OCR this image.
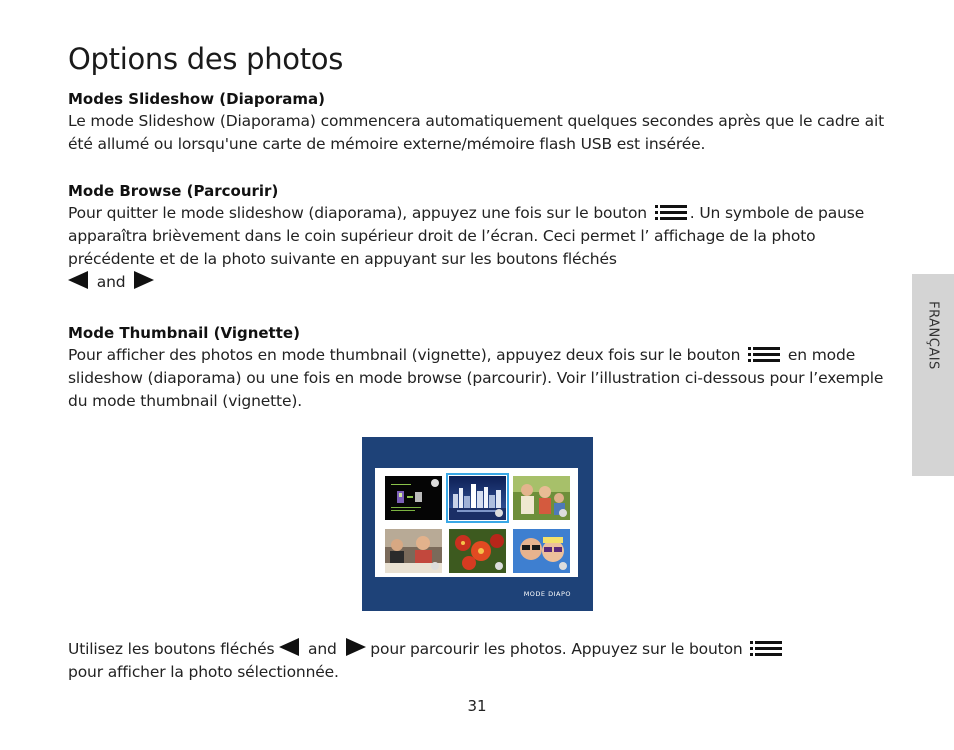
Options des photos
Modes Slideshow (Diaporama)
Le mode Slideshow (Diaporama) commencera automatiquement quelques secondes après que le cadre ait été allumé ou lorsqu'une carte de mémoire externe/mémoire flash USB est insérée.
Mode Browse (Parcourir)
Pour quitter le mode slideshow (diaporama), appuyez une fois sur le bouton	. Un symbole de pause apparaîtra brièvement dans le coin supérieur droit de l’écran. Ceci permet l’ affichage de la photo précédente et de la photo suivante en appuyant sur les boutons fléchés
and
Mode Thumbnail (Vignette)
Pour afficher des photos en mode thumbnail (vignette), appuyez deux fois sur le bouton	en mode slideshow (diaporama) ou une fois en mode browse (parcourir). Voir l’illustration ci-dessous pour l’exemple du mode thumbnail (vignette).
MODE DIAPO
Utilisez les boutons fléchés and pour parcourir les photos. Appuyez sur le bouton
pour afficher la photo sélectionnée.
FRANÇAIS
31
